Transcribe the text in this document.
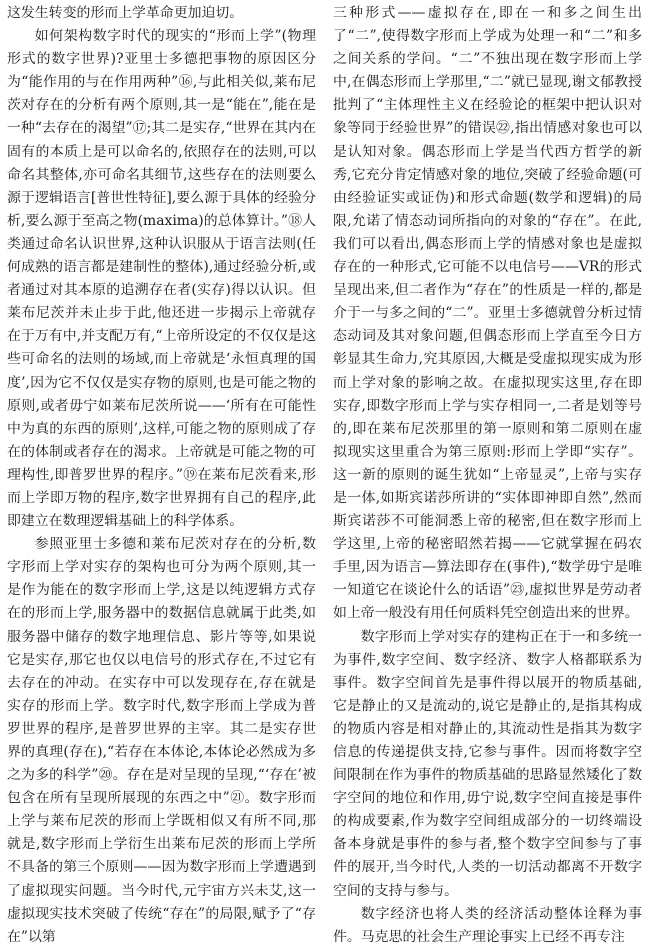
这发生转变的形而上学革命更加迫切。

如何架构数字时代的现实的“形而上学”(物理形式的数字世界)?亚里士多德把事物的原因区分为“能作用的与在作用两种”⑯,与此相关似,莱布尼茨对存在的分析有两个原则,其一是“能在”,能在是一种“去存在的渴望”⑰;其二是实存,“世界在其内在固有的本质上是可以命名的,依照存在的法则,可以命名其整体,亦可命名其细节,这些存在的法则要么源于逻辑语言[普世性特征],要么源于具体的经验分析,要么源于至高之物(maxima)的总体算计。”⑱人类通过命名认识世界,这种认识服从于语言法则(任何成熟的语言都是建制性的整体),通过经验分析,或者通过对其本原的追溯存在者(实存)得以认识。但莱布尼茨并未止步于此,他还进一步揭示上帝就存在于万有中,并支配万有,“上帝所设定的不仅仅是这些可命名的法则的场域,而上帝就是‘永恒真理的国度’,因为它不仅仅是实存物的原则,也是可能之物的原则,或者毋宁如莱布尼茨所说——‘所有在可能性中为真的东西的原则’,这样,可能之物的原则成了存在的体制或者存在的渴求。上帝就是可能之物的可理构性,即普罗世界的程序。”⑲在莱布尼茨看来,形而上学即万物的程序,数字世界拥有自己的程序,此即建立在数理逻辑基础上的科学体系。

参照亚里士多德和莱布尼茨对存在的分析,数字形而上学对实存的架构也可分为两个原则,其一是作为能在的数字形而上学,这是以纯逻辑方式存在的形而上学,服务器中的数据信息就属于此类,如服务器中储存的数字地理信息、影片等等,如果说它是实存,那它也仅以电信号的形式存在,不过它有去存在的冲动。在实存中可以发现存在,存在就是实存的形而上学。数字时代,数字形而上学成为普罗世界的程序,是普罗世界的主宰。其二是实存世界的真理(存在),“若存在本体论,本体论必然成为多之为多的科学”⑳。存在是对呈现的呈现,“‘存在’被包含在所有呈现所展现的东西之中”㉑。数字形而上学与莱布尼茨的形而上学既相似又有所不同,那就是,数字形而上学衍生出莱布尼茨的形而上学所不具备的第三个原则——因为数字形而上学遭遇到了虚拟现实问题。当今时代,元宇宙方兴未艾,这一虚拟现实技术突破了传统“存在”的局限,赋予了“存在”以第

三种形式——虚拟存在,即在一和多之间生出了“二”,使得数字形而上学成为处理一和“二”和多之间关系的学问。“二”不独出现在数字形而上学中,在偶态形而上学那里,“二”就已显现,谢文郁教授批判了“主体理性主义在经验论的框架中把认识对象等同于经验世界”的错误㉒,指出情感对象也可以是认知对象。偶态形而上学是当代西方哲学的新秀,它充分肯定情感对象的地位,突破了经验命题(可由经验证实或证伪)和形式命题(数学和逻辑)的局限,允诺了情态动词所指向的对象的“存在”。在此,我们可以看出,偶态形而上学的情感对象也是虚拟存在的一种形式,它可能不以电信号——VR的形式呈现出来,但二者作为“存在”的性质是一样的,都是介于一与多之间的“二”。亚里士多德就曾分析过情态动词及其对象问题,但偶态形而上学直至今日方彰显其生命力,究其原因,大概是受虚拟现实成为形而上学对象的影响之故。在虚拟现实这里,存在即实存,即数字形而上学与实存相同一,二者是划等号的,即在莱布尼茨那里的第一原则和第二原则在虚拟现实这里重合为第三原则:形而上学即“实存”。这一新的原则的诞生犹如“上帝显灵”,上帝与实存是一体,如斯宾诺莎所讲的“实体即神即自然”,然而斯宾诺莎不可能洞悉上帝的秘密,但在数字形而上学这里,上帝的秘密昭然若揭——它就掌握在码农手里,因为语言—算法即存在(事件),“数学毋宁是唯一知道它在谈论什么的话语”㉓,虚拟世界是劳动者如上帝一般没有用任何质料凭空创造出来的世界。

数字形而上学对实存的建构正在于一和多统一为事件,数字空间、数字经济、数字人格都联系为事件。数字空间首先是事件得以展开的物质基础,它是静止的又是流动的,说它是静止的,是指其构成的物质内容是相对静止的,其流动性是指其为数字信息的传递提供支持,它参与事件。因而将数字空间限制在作为事件的物质基础的思路显然矮化了数字空间的地位和作用,毋宁说,数字空间直接是事件的构成要素,作为数字空间组成部分的一切终端设备本身就是事件的参与者,整个数字空间参与了事件的展开,当今时代,人类的一切活动都离不开数字空间的支持与参与。

数字经济也将人类的经济活动整体诠释为事件。马克思的社会生产理论事实上已经不再专注
